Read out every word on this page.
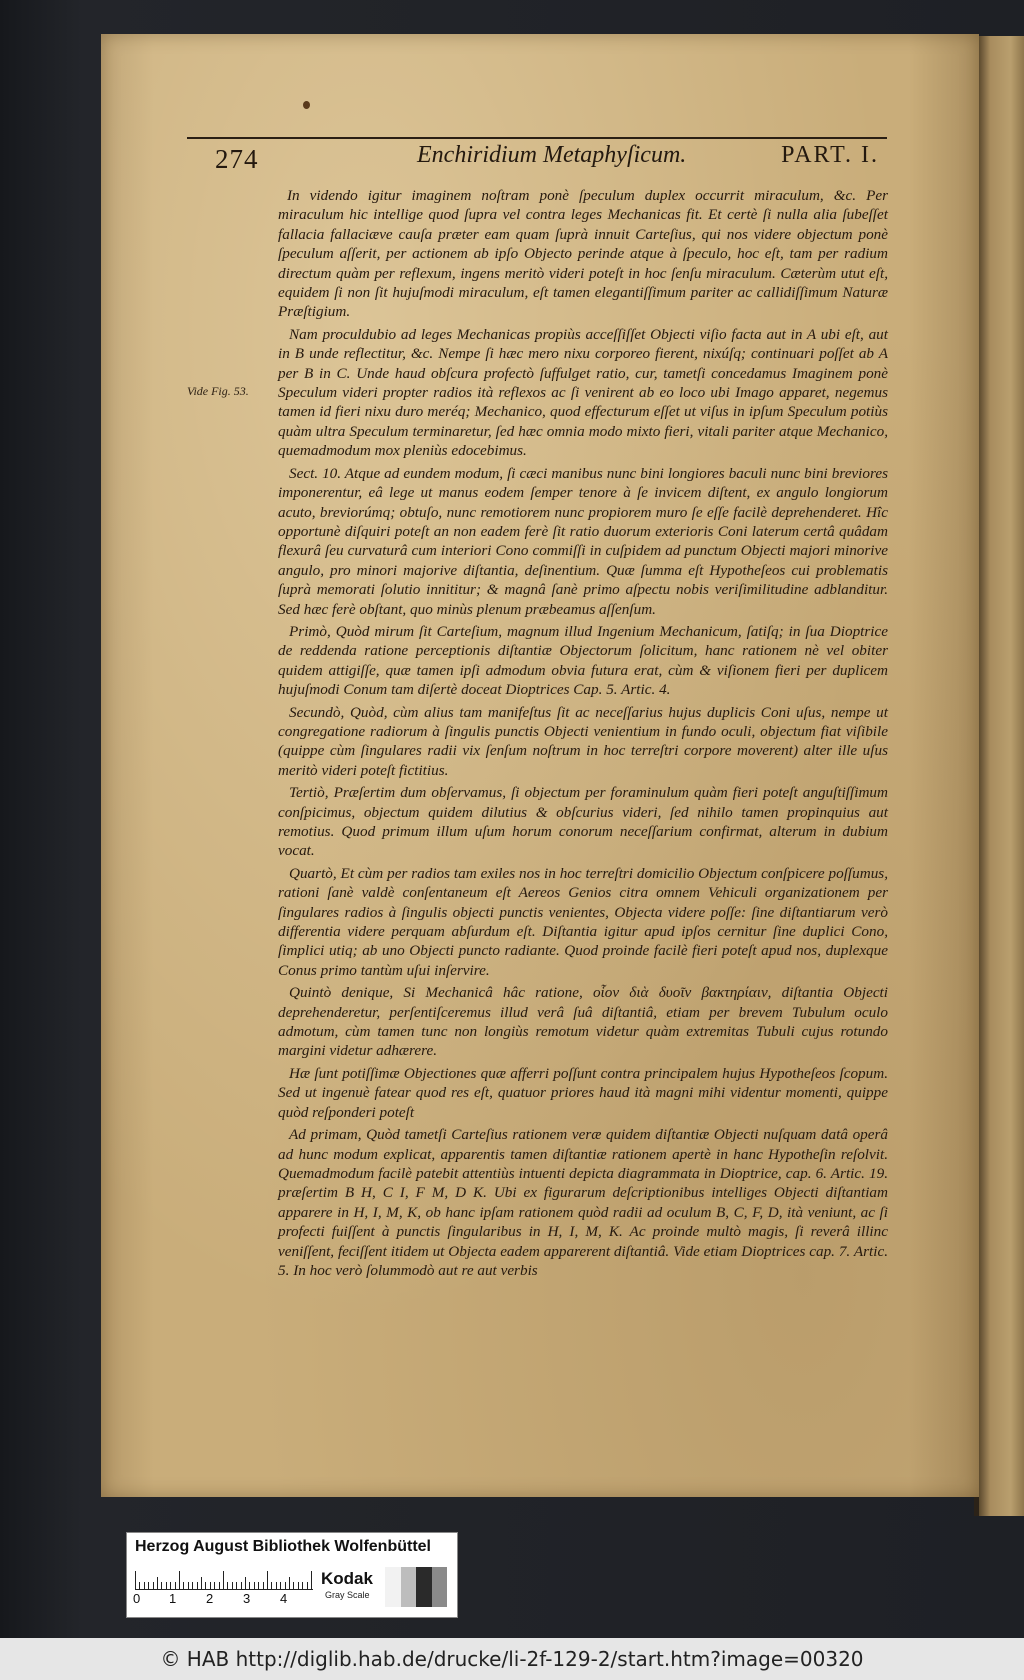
274	Enchiridium Metaphyſicum.	PART. I.
Vide Fig. 53.

In videndo igitur imaginem noſtram ponè ſpeculum duplex occurrit miraculum, &c. Per miraculum hic intellige quod ſupra vel contra leges Mechanicas fit. Et certè ſi nulla alia ſubeſſet fallacia fallaciæve cauſa præter eam quam ſuprà innuit Carteſius, qui nos videre objectum ponè ſpeculum aſſerit, per actionem ab ipſo Objecto perinde atque à ſpeculo, hoc eſt, tam per radium directum quàm per reflexum, ingens meritò videri poteſt in hoc ſenſu miraculum. Cæterùm utut eſt, equidem ſi non ſit hujuſmodi miraculum, eſt tamen elegantiſſimum pariter ac callidiſſimum Naturæ Præſtigium.

Nam proculdubio ad leges Mechanicas propiùs acceſſiſſet Objecti viſio facta aut in A ubi eſt, aut in B unde reflectitur, &c. Nempe ſi hæc mero nixu corporeo fierent, nixúſq; continuari poſſet ab A per B in C. Unde haud obſcura profectò ſuffulget ratio, cur, tametſi concedamus Imaginem ponè Speculum videri propter radios ità reflexos ac ſi venirent ab eo loco ubi Imago apparet, negemus tamen id fieri nixu duro meréq; Mechanico, quod effecturum eſſet ut viſus in ipſum Speculum potiùs quàm ultra Speculum terminaretur, ſed hæc omnia modo mixto fieri, vitali pariter atque Mechanico, quemadmodum mox pleniùs edocebimus.

Sect. 10. Atque ad eundem modum, ſi cæci manibus nunc bini longiores baculi nunc bini breviores imponerentur, eâ lege ut manus eodem ſemper tenore à ſe invicem diſtent, ex angulo longiorum acuto, breviorúmq; obtuſo, nunc remotiorem nunc propiorem muro ſe eſſe facilè deprehenderet. Hîc opportunè diſquiri poteſt an non eadem ferè ſit ratio duorum exterioris Coni laterum certâ quâdam flexurâ ſeu curvaturâ cum interiori Cono commiſſi in cuſpidem ad punctum Objecti majori minorive angulo, pro minori majorive diſtantia, deſinentium. Quæ ſumma eſt Hypotheſeos cui problematis ſuprà memorati ſolutio innititur; & magnâ ſanè primo aſpectu nobis veriſimilitudine adblanditur. Sed hæc ferè obſtant, quo minùs plenum præbeamus aſſenſum.

Primò, Quòd mirum ſit Carteſium, magnum illud Ingenium Mechanicum, ſatiſq; in ſua Dioptrice de reddenda ratione perceptionis diſtantiæ Objectorum ſolicitum, hanc rationem nè vel obiter quidem attigiſſe, quæ tamen ipſi admodum obvia futura erat, cùm & viſionem fieri per duplicem hujuſmodi Conum tam diſertè doceat Dioptrices Cap. 5. Artic. 4.

Secundò, Quòd, cùm alius tam manifeſtus ſit ac neceſſarius hujus duplicis Coni uſus, nempe ut congregatione radiorum à ſingulis punctis Objecti venientium in fundo oculi, objectum fiat viſibile (quippe cùm ſingulares radii vix ſenſum noſtrum in hoc terreſtri corpore moverent) alter ille uſus meritò videri poteſt fictitius.

Tertiò, Præſertim dum obſervamus, ſi objectum per foraminulum quàm fieri poteſt anguſtiſſimum conſpicimus, objectum quidem dilutius & obſcurius videri, ſed nihilo tamen propinquius aut remotius. Quod primum illum uſum horum conorum neceſſarium confirmat, alterum in dubium vocat.

Quartò, Et cùm per radios tam exiles nos in hoc terreſtri domicilio Objectum conſpicere poſſumus, rationi ſanè valdè conſentaneum eſt Aereos Genios citra omnem Vehiculi organizationem per ſingulares radios à ſingulis objecti punctis venientes, Objecta videre poſſe: ſine diſtantiarum verò differentia videre perquam abſurdum eſt. Diſtantia igitur apud ipſos cernitur ſine duplici Cono, ſimplici utiq; ab uno Objecti puncto radiante. Quod proinde facilè fieri poteſt apud nos, duplexque Conus primo tantùm uſui inſervire.

Quintò denique, Si Mechanicâ hâc ratione, οἷον διὰ δυοῖν βακτηρίαιν, diſtantia Objecti deprehenderetur, perſentiſceremus illud verâ ſuâ diſtantiâ, etiam per brevem Tubulum oculo admotum, cùm tamen tunc non longiùs remotum videtur quàm extremitas Tubuli cujus rotundo margini videtur adhærere.

Hæ ſunt potiſſimæ Objectiones quæ afferri poſſunt contra principalem hujus Hypotheſeos ſcopum. Sed ut ingenuè fatear quod res eſt, quatuor priores haud ità magni mihi videntur momenti, quippe quòd reſponderi poteſt

Ad primam, Quòd tametſi Carteſius rationem veræ quidem diſtantiæ Objecti nuſquam datâ operâ ad hunc modum explicat, apparentis tamen diſtantiæ rationem apertè in hanc Hypotheſin reſolvit. Quemadmodum facilè patebit attentiùs intuenti depicta diagrammata in Dioptrice, cap. 6. Artic. 19. præſertim B H, C I, F M, D K. Ubi ex figurarum deſcriptionibus intelliges Objecti diſtantiam apparere in H, I, M, K, ob hanc ipſam rationem quòd radii ad oculum B, C, F, D, ità veniunt, ac ſi profecti fuiſſent à punctis ſingularibus in H, I, M, K. Ac proinde multò magis, ſi reverâ illinc veniſſent, feciſſent itidem ut Objecta eadem apparerent diſtantiâ. Vide etiam Dioptrices cap. 7. Artic. 5. In hoc verò ſolummodò aut re aut verbis

Herzog August Bibliothek Wolfenbüttel
0 1 2 3 4
Kodak
Gray Scale
© HAB http://diglib.hab.de/drucke/li-2f-129-2/start.htm?image=00320
